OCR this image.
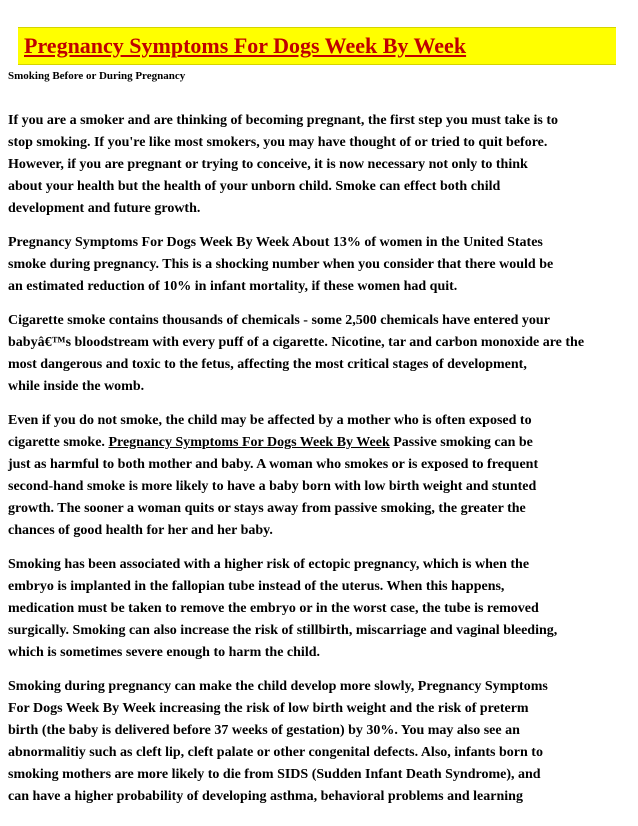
Pregnancy Symptoms For Dogs Week By Week
Smoking Before or During Pregnancy

If you are a smoker and are thinking of becoming pregnant, the first step you must take is to
stop smoking. If you're like most smokers, you may have thought of or tried to quit before.
However, if you are pregnant or trying to conceive, it is now necessary not only to think
about your health but the health of your unborn child. Smoke can effect both child
development and future growth.

Pregnancy Symptoms For Dogs Week By Week About 13% of women in the United States
smoke during pregnancy. This is a shocking number when you consider that there would be
an estimated reduction of 10% in infant mortality, if these women had quit.

Cigarette smoke contains thousands of chemicals - some 2,500 chemicals have entered your
babyâ€™s bloodstream with every puff of a cigarette. Nicotine, tar and carbon monoxide are the
most dangerous and toxic to the fetus, affecting the most critical stages of development,
while inside the womb.

Even if you do not smoke, the child may be affected by a mother who is often exposed to
cigarette smoke. Pregnancy Symptoms For Dogs Week By Week Passive smoking can be
just as harmful to both mother and baby. A woman who smokes or is exposed to frequent
second-hand smoke is more likely to have a baby born with low birth weight and stunted
growth. The sooner a woman quits or stays away from passive smoking, the greater the
chances of good health for her and her baby.

Smoking has been associated with a higher risk of ectopic pregnancy, which is when the
embryo is implanted in the fallopian tube instead of the uterus. When this happens,
medication must be taken to remove the embryo or in the worst case, the tube is removed
surgically. Smoking can also increase the risk of stillbirth, miscarriage and vaginal bleeding,
which is sometimes severe enough to harm the child.

Smoking during pregnancy can make the child develop more slowly, Pregnancy Symptoms
For Dogs Week By Week increasing the risk of low birth weight and the risk of preterm
birth (the baby is delivered before 37 weeks of gestation) by 30%. You may also see an
abnormalitiy such as cleft lip, cleft palate or other congenital defects. Also, infants born to
smoking mothers are more likely to die from SIDS (Sudden Infant Death Syndrome), and
can have a higher probability of developing asthma, behavioral problems and learning
